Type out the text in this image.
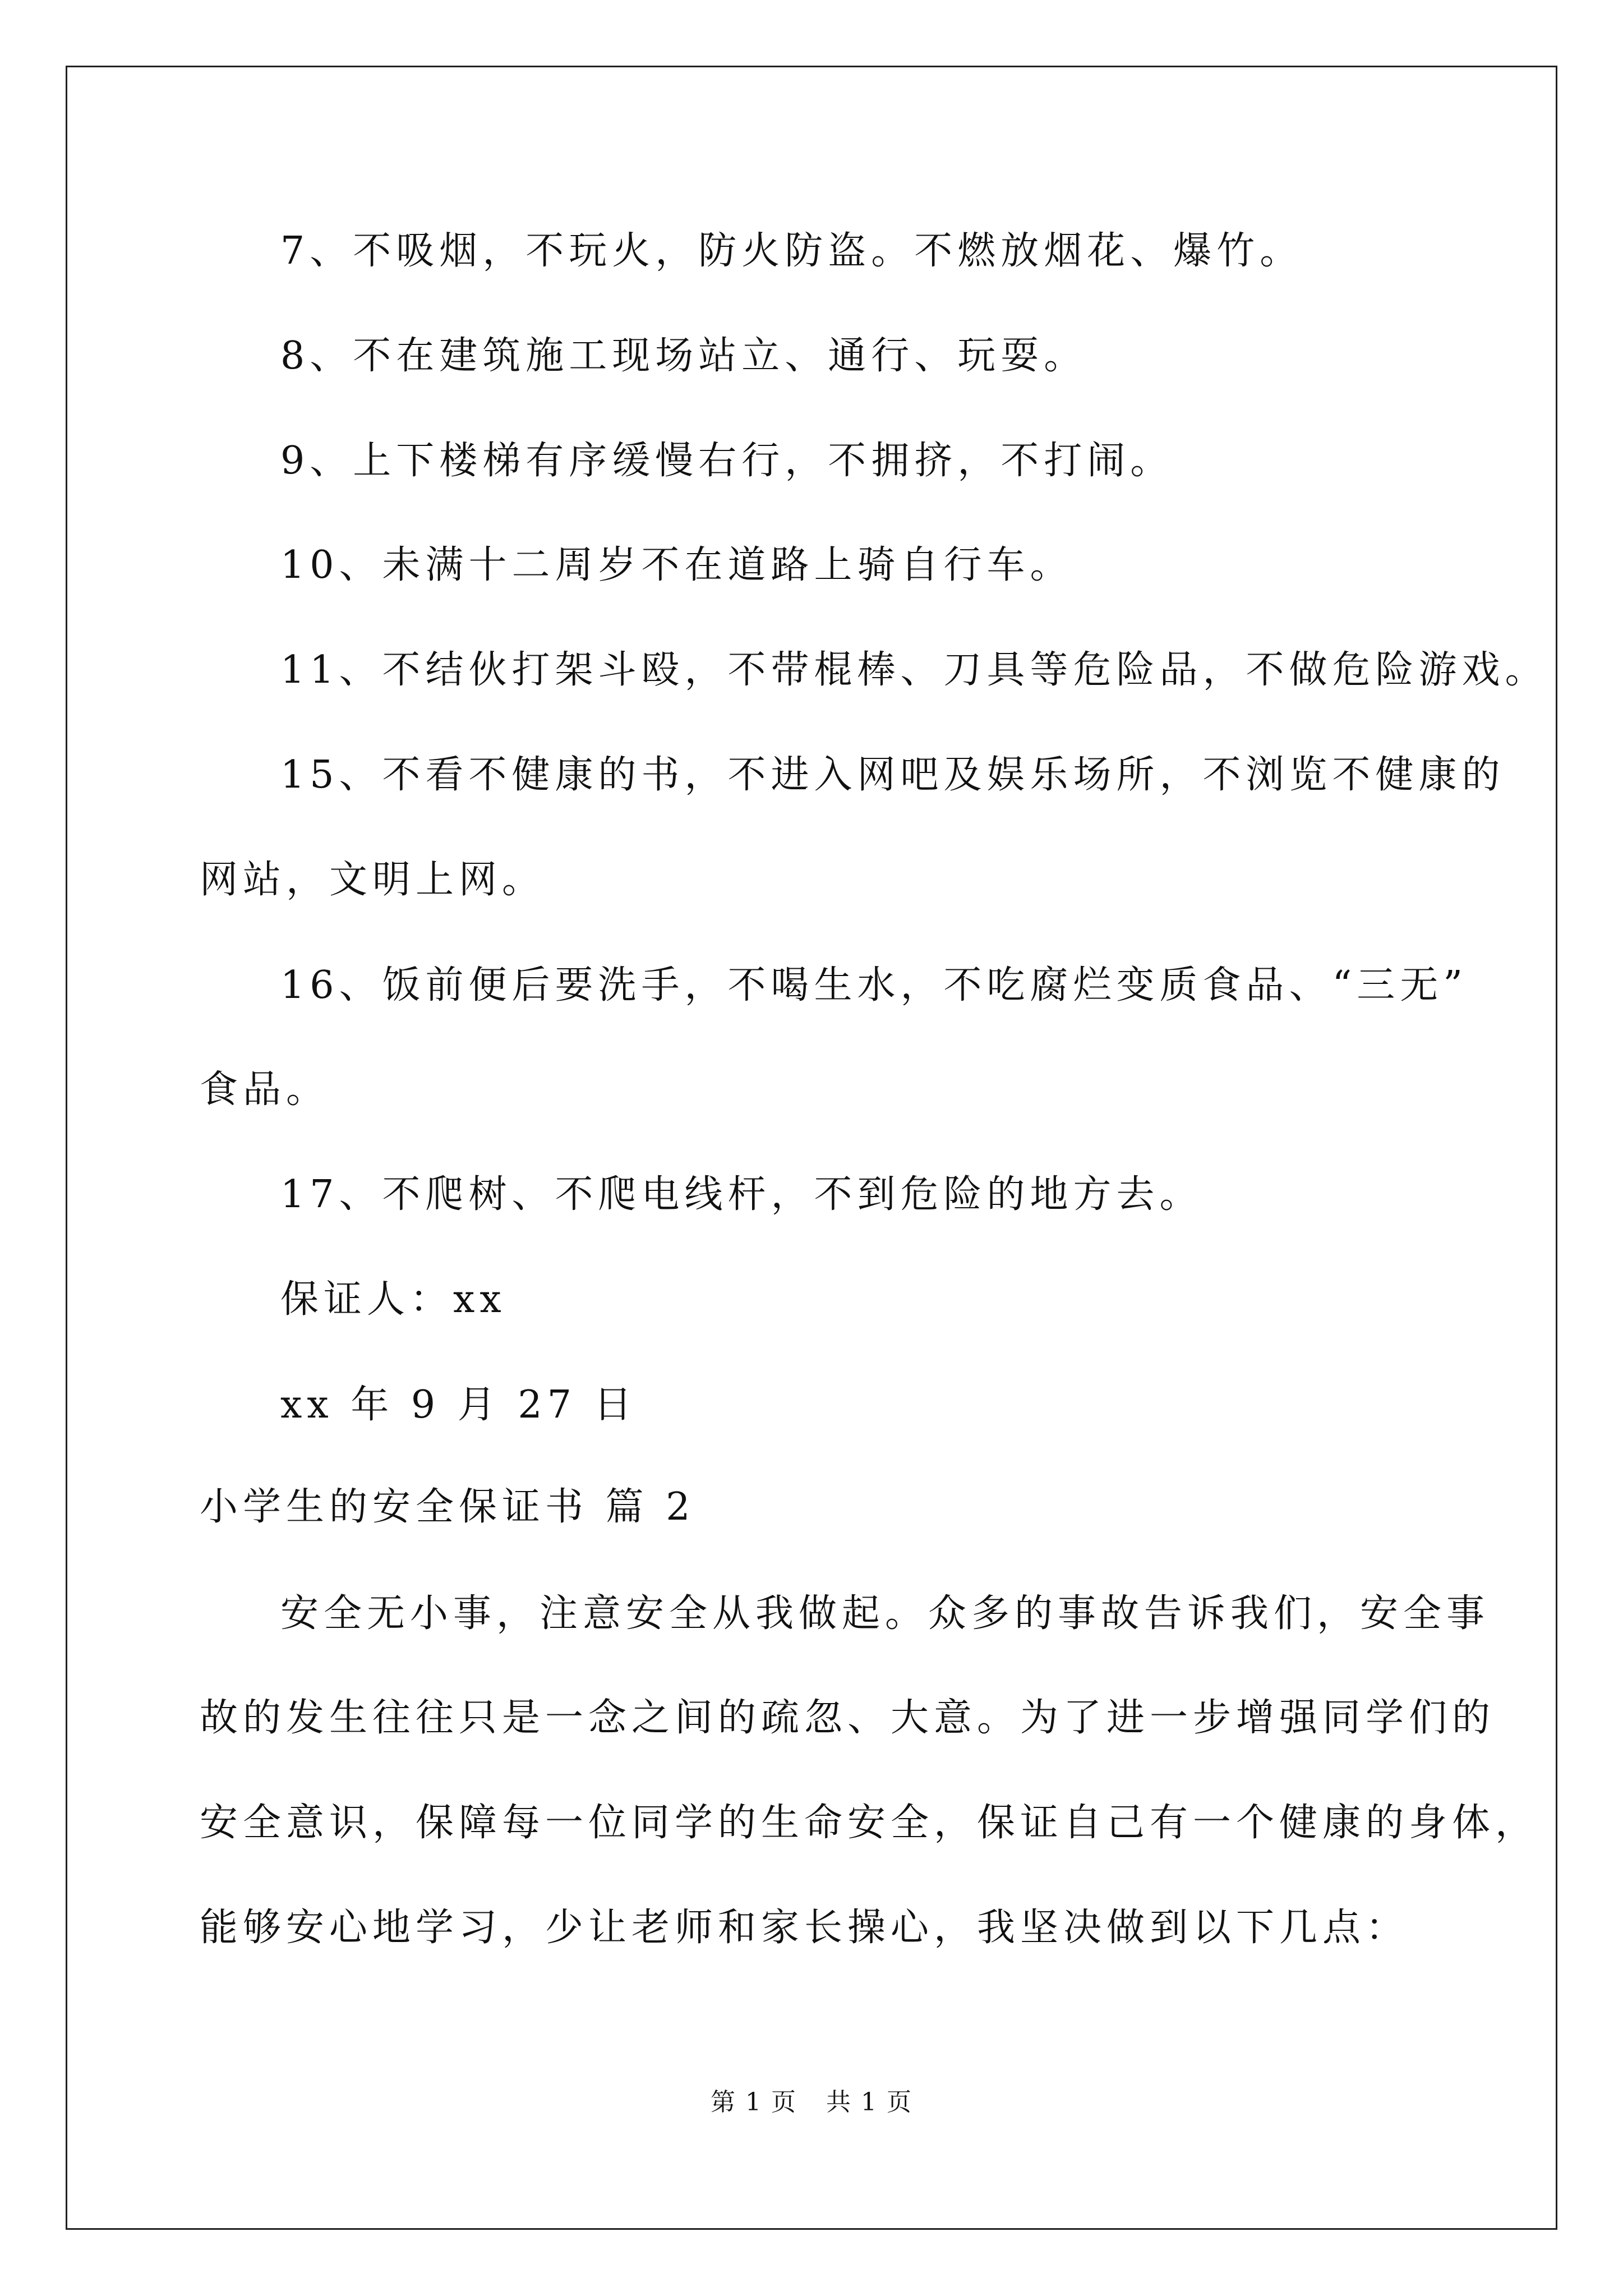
7、不吸烟，不玩火，防火防盗。不燃放烟花、爆竹。
8、不在建筑施工现场站立、通行、玩耍。
9、上下楼梯有序缓慢右行，不拥挤，不打闹。
10、未满十二周岁不在道路上骑自行车。
11、不结伙打架斗殴，不带棍棒、刀具等危险品，不做危险游戏。
15、不看不健康的书，不进入网吧及娱乐场所，不浏览不健康的
网站，文明上网。
16、饭前便后要洗手，不喝生水，不吃腐烂变质食品、“三无”
食品。
17、不爬树、不爬电线杆，不到危险的地方去。
保证人：xx
xx 年 9 月 27 日
小学生的安全保证书 篇 2
安全无小事，注意安全从我做起。众多的事故告诉我们，安全事
故的发生往往只是一念之间的疏忽、大意。为了进一步增强同学们的
安全意识，保障每一位同学的生命安全，保证自己有一个健康的身体，
能够安心地学习，少让老师和家长操心，我坚决做到以下几点：
第 1 页 共 1 页
